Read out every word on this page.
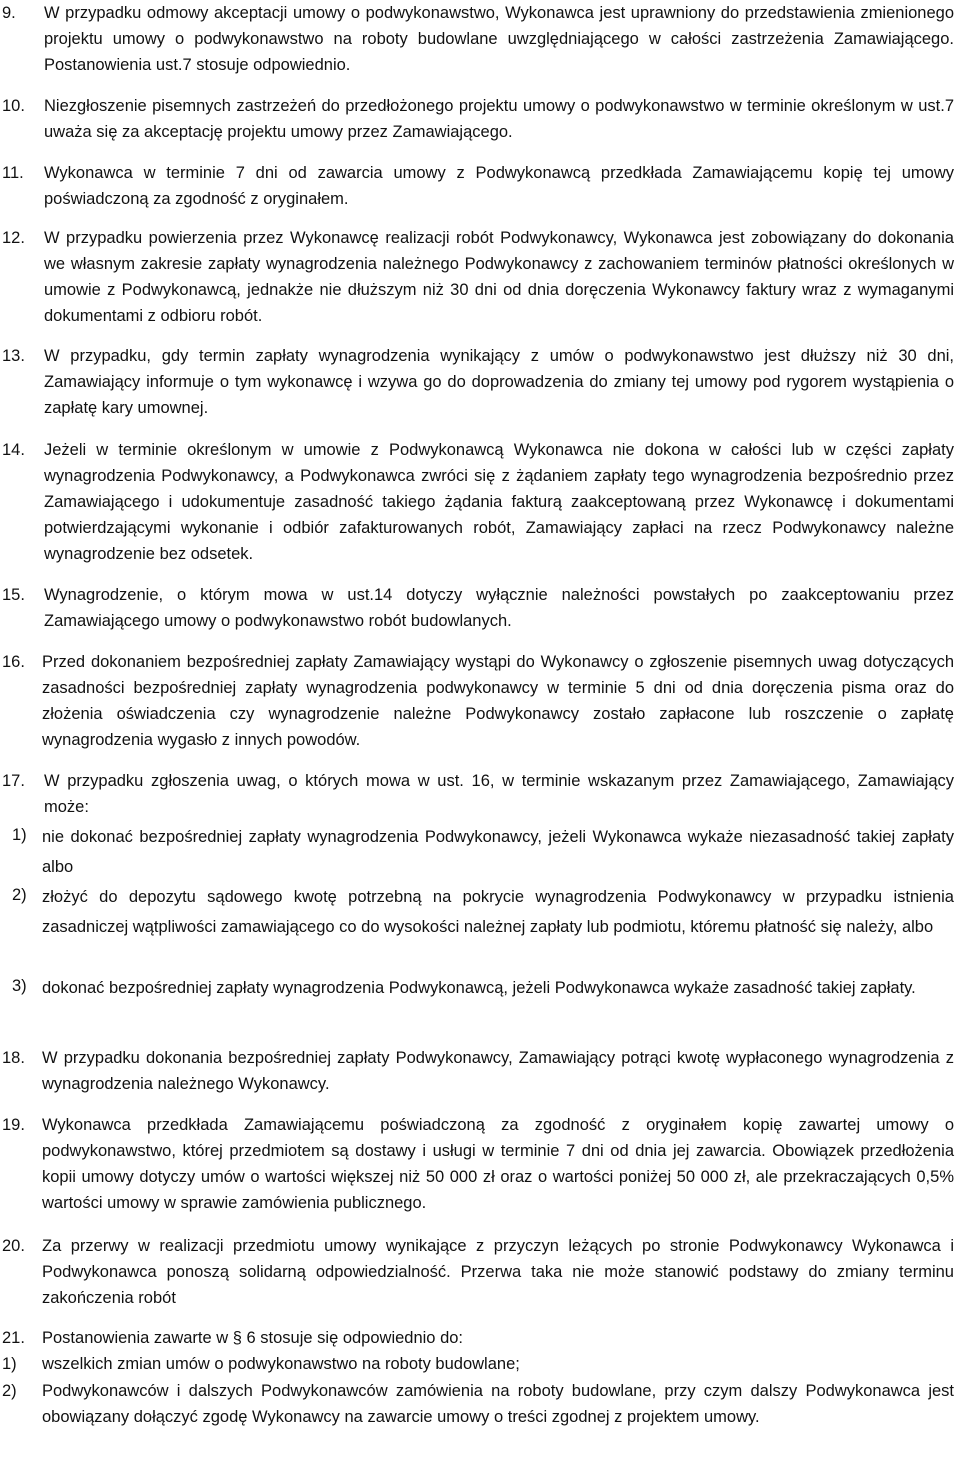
9. W przypadku odmowy akceptacji umowy o podwykonawstwo, Wykonawca jest uprawniony do przedstawienia zmienionego projektu umowy o podwykonawstwo na roboty budowlane uwzględniającego w całości zastrzeżenia Zamawiającego. Postanowienia ust.7 stosuje odpowiednio.
10. Niezgłoszenie pisemnych zastrzeżeń do przedłożonego projektu umowy o podwykonawstwo w terminie określonym w ust.7 uważa się za akceptację projektu umowy przez Zamawiającego.
11. Wykonawca w terminie 7 dni od zawarcia umowy z Podwykonawcą przedkłada Zamawiającemu kopię tej umowy poświadczoną za zgodność z oryginałem.
12. W przypadku powierzenia przez Wykonawcę realizacji robót Podwykonawcy, Wykonawca jest zobowiązany do dokonania we własnym zakresie zapłaty wynagrodzenia należnego Podwykonawcy z zachowaniem terminów płatności określonych w umowie z Podwykonawcą, jednakże nie dłuższym niż 30 dni od dnia doręczenia Wykonawcy faktury wraz z wymaganymi dokumentami z odbioru robót.
13. W przypadku, gdy termin zapłaty wynagrodzenia wynikający z umów o podwykonawstwo jest dłuższy niż 30 dni, Zamawiający informuje o tym wykonawcę i wzywa go do doprowadzenia do zmiany tej umowy pod rygorem wystąpienia o zapłatę kary umownej.
14. Jeżeli w terminie określonym w umowie z Podwykonawcą Wykonawca nie dokona w całości lub w części zapłaty wynagrodzenia Podwykonawcy, a Podwykonawca zwróci się z żądaniem zapłaty tego wynagrodzenia bezpośrednio przez Zamawiającego i udokumentuje zasadność takiego żądania fakturą zaakceptowaną przez Wykonawcę i dokumentami potwierdzającymi wykonanie i odbiór zafakturowanych robót, Zamawiający zapłaci na rzecz Podwykonawcy należne wynagrodzenie bez odsetek.
15. Wynagrodzenie, o którym mowa w ust.14 dotyczy wyłącznie należności powstałych po zaakceptowaniu przez Zamawiającego umowy o podwykonawstwo robót budowlanych.
16. Przed dokonaniem bezpośredniej zapłaty Zamawiający wystąpi do Wykonawcy o zgłoszenie pisemnych uwag dotyczących zasadności bezpośredniej zapłaty wynagrodzenia podwykonawcy w terminie 5 dni od dnia doręczenia pisma oraz do złożenia oświadczenia czy wynagrodzenie należne Podwykonawcy zostało zapłacone lub roszczenie o zapłatę wynagrodzenia wygasło z innych powodów.
17. W przypadku zgłoszenia uwag, o których mowa w ust. 16, w terminie wskazanym przez Zamawiającego, Zamawiający może:
1) nie dokonać bezpośredniej zapłaty wynagrodzenia Podwykonawcy, jeżeli Wykonawca wykaże niezasadność takiej zapłaty albo
2) złożyć do depozytu sądowego kwotę potrzebną na pokrycie wynagrodzenia Podwykonawcy w przypadku istnienia zasadniczej wątpliwości zamawiającego co do wysokości należnej zapłaty lub podmiotu, któremu płatność się należy, albo
3) dokonać bezpośredniej zapłaty wynagrodzenia Podwykonawcą, jeżeli Podwykonawca wykaże zasadność takiej zapłaty.
18. W przypadku dokonania bezpośredniej zapłaty Podwykonawcy, Zamawiający potrąci kwotę wypłaconego wynagrodzenia z wynagrodzenia należnego Wykonawcy.
19. Wykonawca przedkłada Zamawiającemu poświadczoną za zgodność z oryginałem kopię zawartej umowy o podwykonawstwo, której przedmiotem są dostawy i usługi w terminie 7 dni od dnia jej zawarcia. Obowiązek przedłożenia kopii umowy dotyczy umów o wartości większej niż 50 000 zł oraz o wartości poniżej 50 000 zł, ale przekraczających 0,5% wartości umowy w sprawie zamówienia publicznego.
20. Za przerwy w realizacji przedmiotu umowy wynikające z przyczyn leżących po stronie Podwykonawcy Wykonawca i Podwykonawca ponoszą solidarną odpowiedzialność. Przerwa taka nie może stanowić podstawy do zmiany terminu zakończenia robót
21. Postanowienia zawarte w § 6 stosuje się odpowiednio do:
1) wszelkich zmian umów o podwykonawstwo na roboty budowlane;
2) Podwykonawców i dalszych Podwykonawców zamówienia na roboty budowlane, przy czym dalszy Podwykonawca jest obowiązany dołączyć zgodę Wykonawcy na zawarcie umowy o treści zgodnej z projektem umowy.
